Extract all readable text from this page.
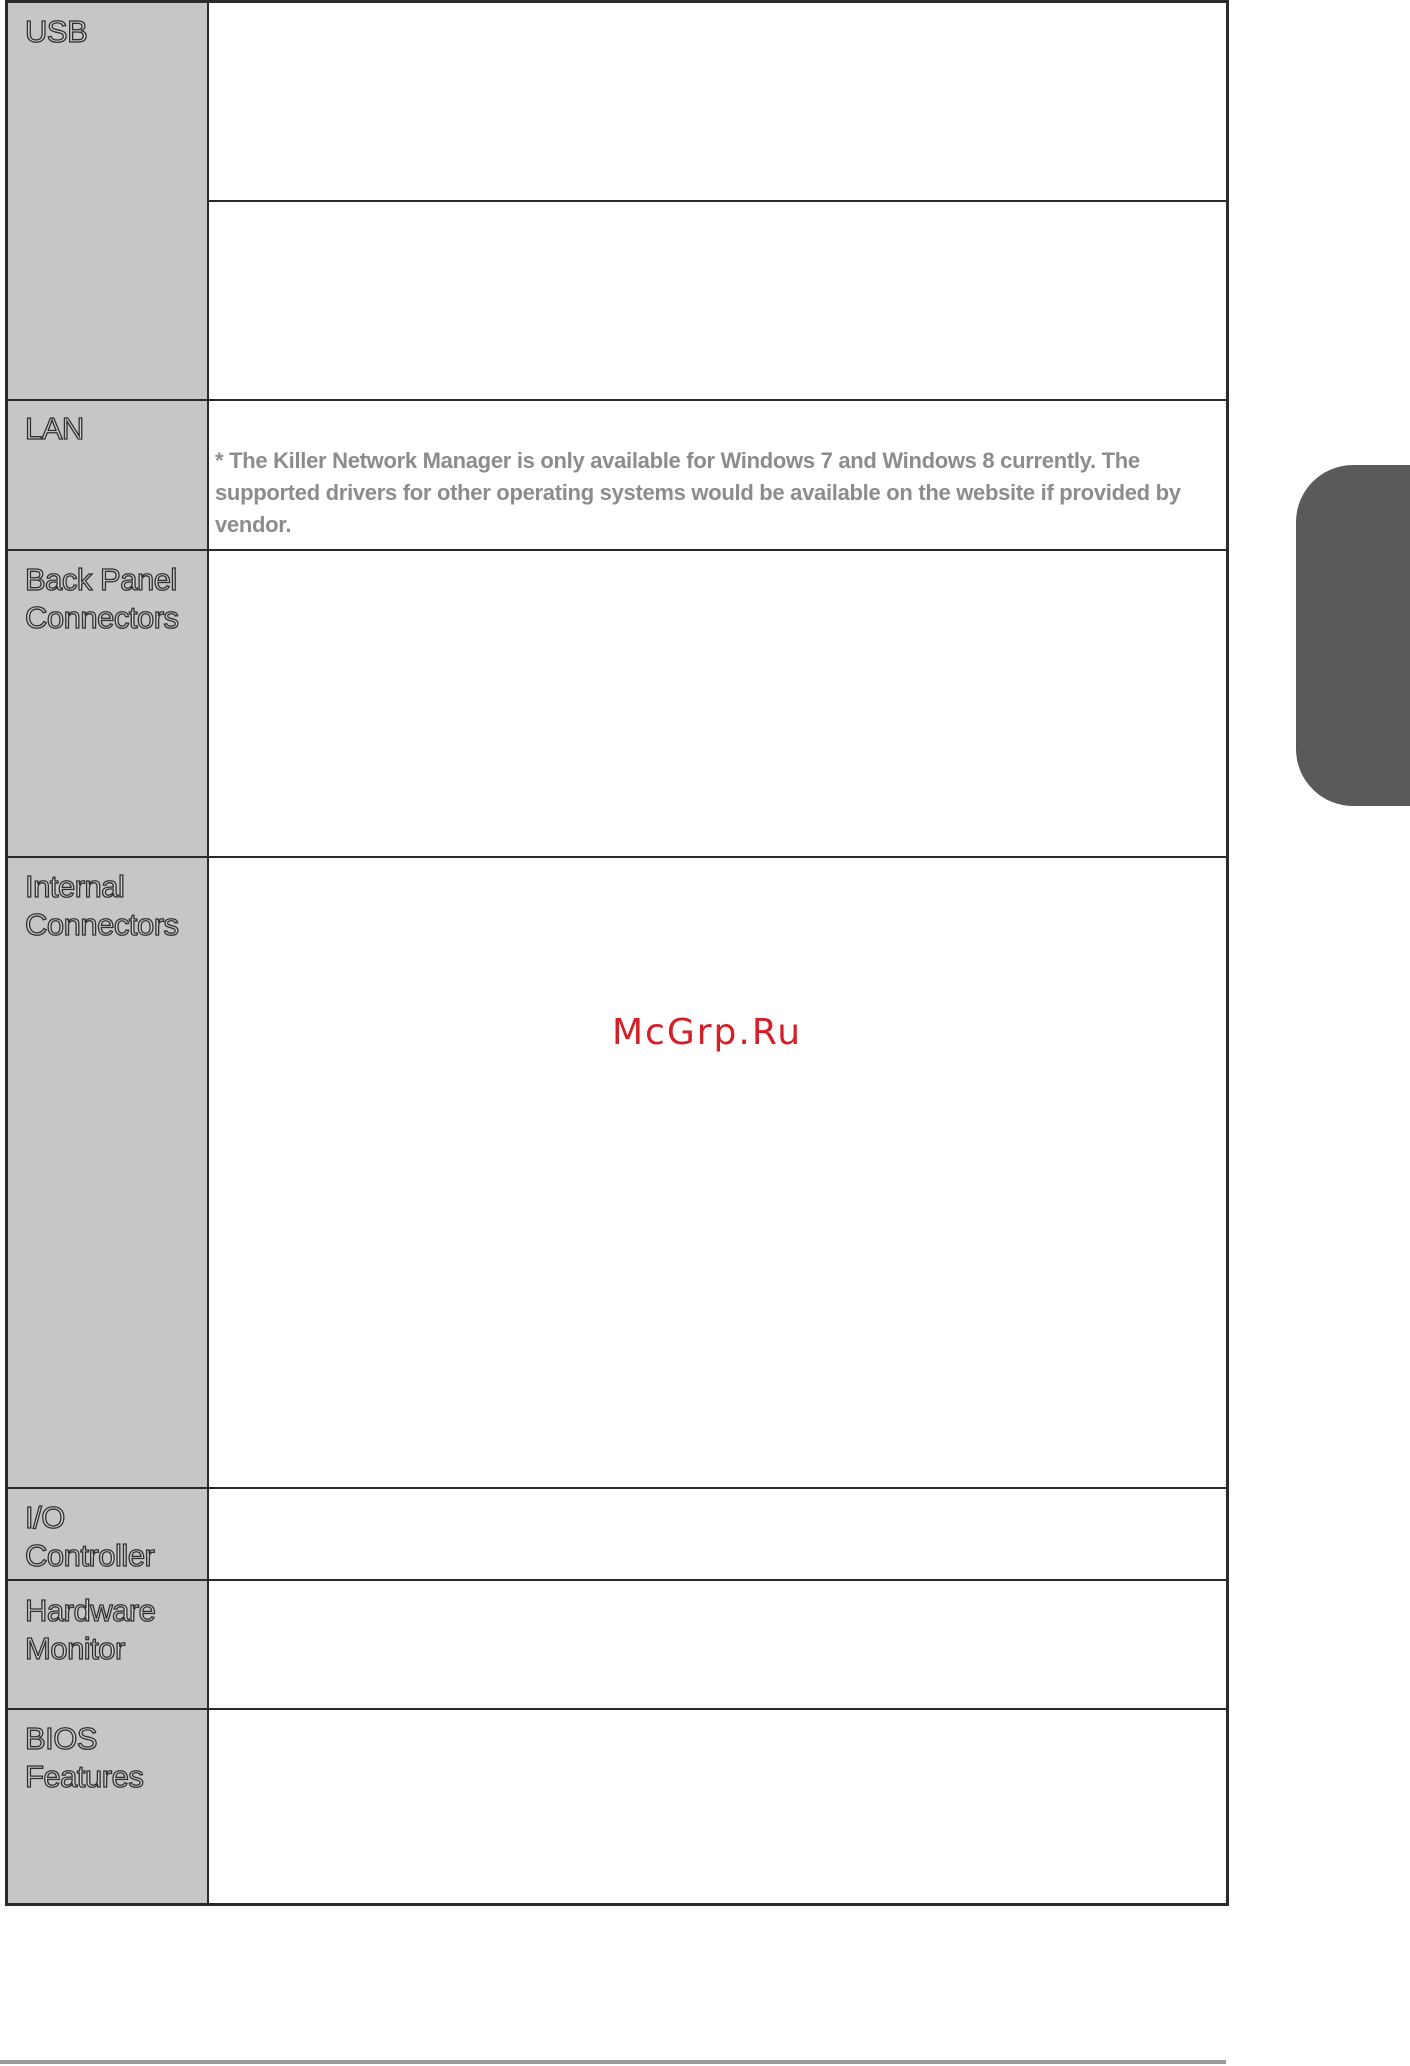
USB
LAN
Back Panel
Connectors
Internal
Connectors
I/O
Controller
Hardware
Monitor
BIOS
Features
* The Killer Network Manager is only available for Windows 7 and Windows 8 currently. The supported drivers for other operating systems would be available on the website if provided by vendor.
McGrp.Ru
